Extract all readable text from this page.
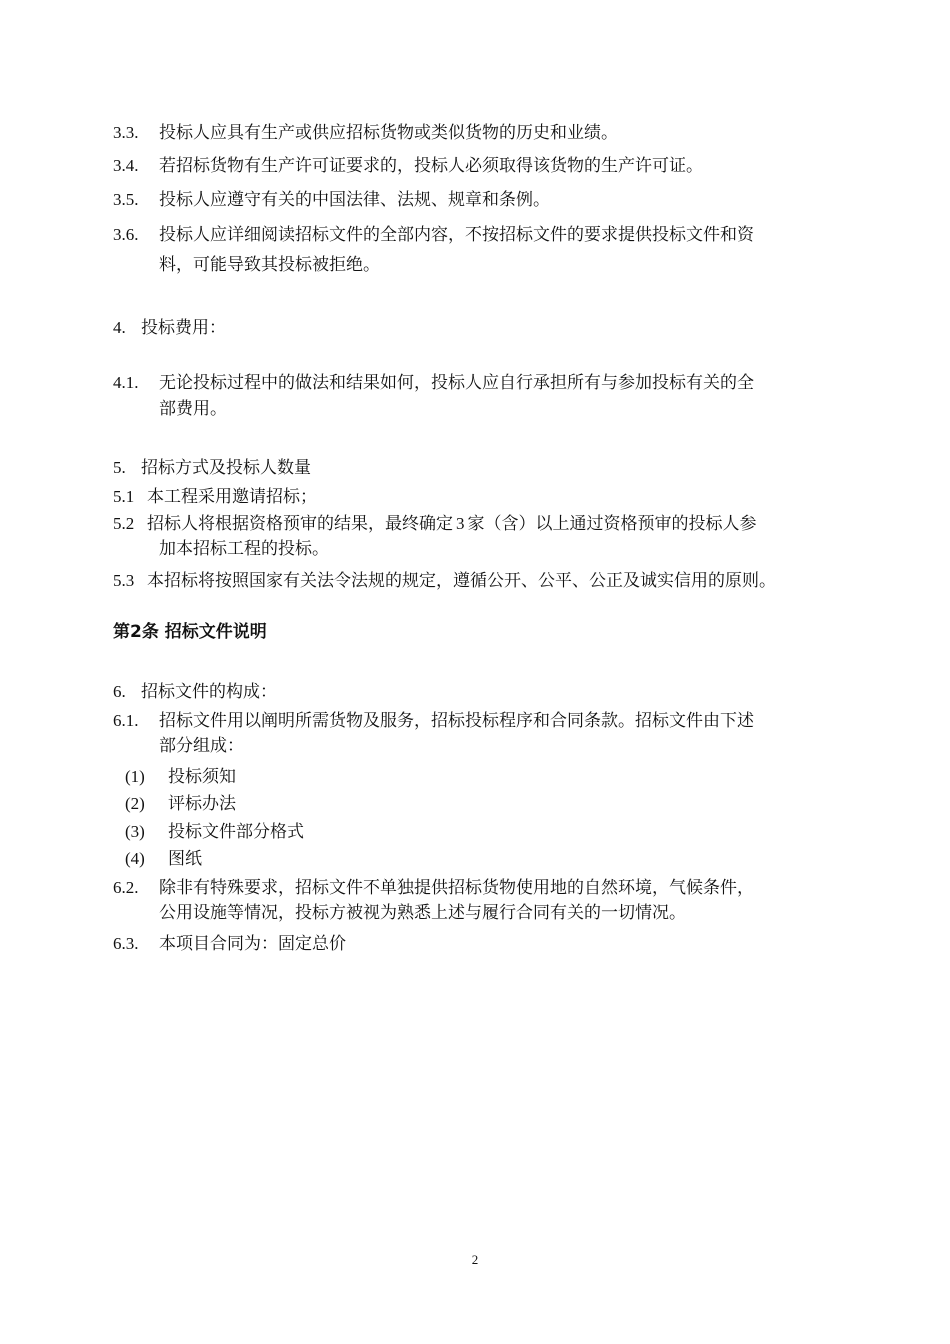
3.3. 投标人应具有生产或供应招标货物或类似货物的历史和业绩。
3.4. 若招标货物有生产许可证要求的，投标人必须取得该货物的生产许可证。
3.5. 投标人应遵守有关的中国法律、法规、规章和条例。
3.6. 投标人应详细阅读招标文件的全部内容，不按招标文件的要求提供投标文件和资
料，可能导致其投标被拒绝。
4. 投标费用：
4.1. 无论投标过程中的做法和结果如何，投标人应自行承担所有与参加投标有关的全
部费用。
5. 招标方式及投标人数量
5.1 本工程采用邀请招标；
5.2 招标人将根据资格预审的结果，最终确定 3 家（含）以上通过资格预审的投标人参
加本招标工程的投标。
5.3 本招标将按照国家有关法令法规的规定，遵循公开、公平、公正及诚实信用的原则。
第2条 招标文件说明
6. 招标文件的构成：
6.1. 招标文件用以阐明所需货物及服务，招标投标程序和合同条款。招标文件由下述
部分组成：
(1) 投标须知
(2) 评标办法
(3) 投标文件部分格式
(4) 图纸
6.2. 除非有特殊要求，招标文件不单独提供招标货物使用地的自然环境，气候条件，
公用设施等情况，投标方被视为熟悉上述与履行合同有关的一切情况。
6.3. 本项目合同为：固定总价
2
